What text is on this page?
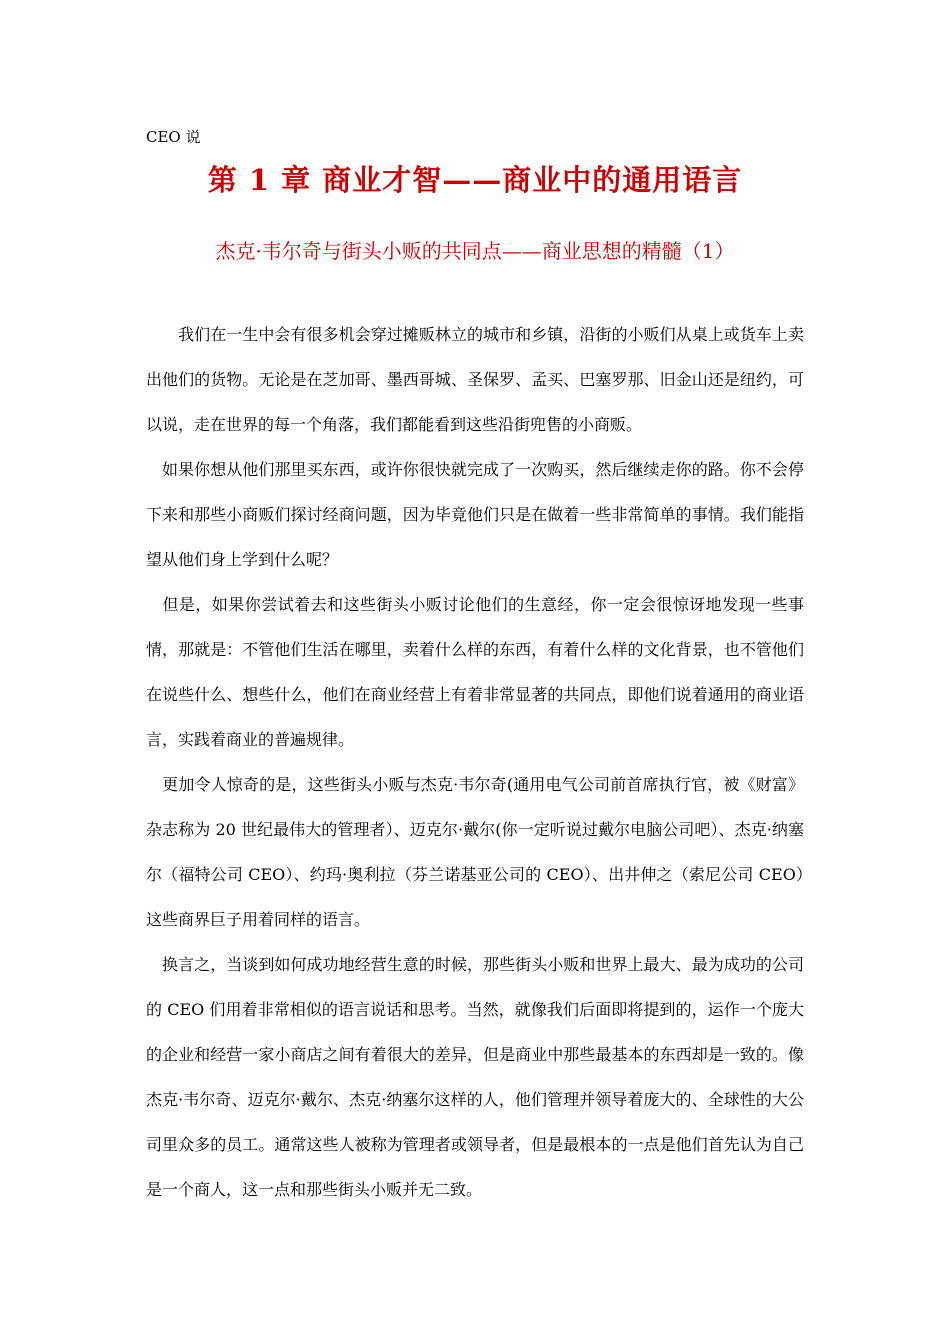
CEO 说
第 1 章 商业才智——商业中的通用语言
杰克·韦尔奇与街头小贩的共同点——商业思想的精髓（1）

　　我们在一生中会有很多机会穿过摊贩林立的城市和乡镇，沿街的小贩们从桌上或货车上卖出他们的货物。无论是在芝加哥、墨西哥城、圣保罗、孟买、巴塞罗那、旧金山还是纽约，可以说，走在世界的每一个角落，我们都能看到这些沿街兜售的小商贩。

　如果你想从他们那里买东西，或许你很快就完成了一次购买，然后继续走你的路。你不会停下来和那些小商贩们探讨经商问题，因为毕竟他们只是在做着一些非常简单的事情。我们能指望从他们身上学到什么呢？

　但是，如果你尝试着去和这些街头小贩讨论他们的生意经，你一定会很惊讶地发现一些事情，那就是：不管他们生活在哪里，卖着什么样的东西，有着什么样的文化背景，也不管他们在说些什么、想些什么，他们在商业经营上有着非常显著的共同点，即他们说着通用的商业语言，实践着商业的普遍规律。

　更加令人惊奇的是，这些街头小贩与杰克·韦尔奇(通用电气公司前首席执行官，被《财富》杂志称为 20 世纪最伟大的管理者）、迈克尔·戴尔(你一定听说过戴尔电脑公司吧）、杰克·纳塞尔（福特公司 CEO）、约玛·奥利拉（芬兰诺基亚公司的 CEO）、出井伸之（索尼公司 CEO）这些商界巨子用着同样的语言。

　换言之，当谈到如何成功地经营生意的时候，那些街头小贩和世界上最大、最为成功的公司的 CEO 们用着非常相似的语言说话和思考。当然，就像我们后面即将提到的，运作一个庞大的企业和经营一家小商店之间有着很大的差异，但是商业中那些最基本的东西却是一致的。像杰克·韦尔奇、迈克尔·戴尔、杰克·纳塞尔这样的人，他们管理并领导着庞大的、全球性的大公司里众多的员工。通常这些人被称为管理者或领导者，但是最根本的一点是他们首先认为自己是一个商人，这一点和那些街头小贩并无二致。
